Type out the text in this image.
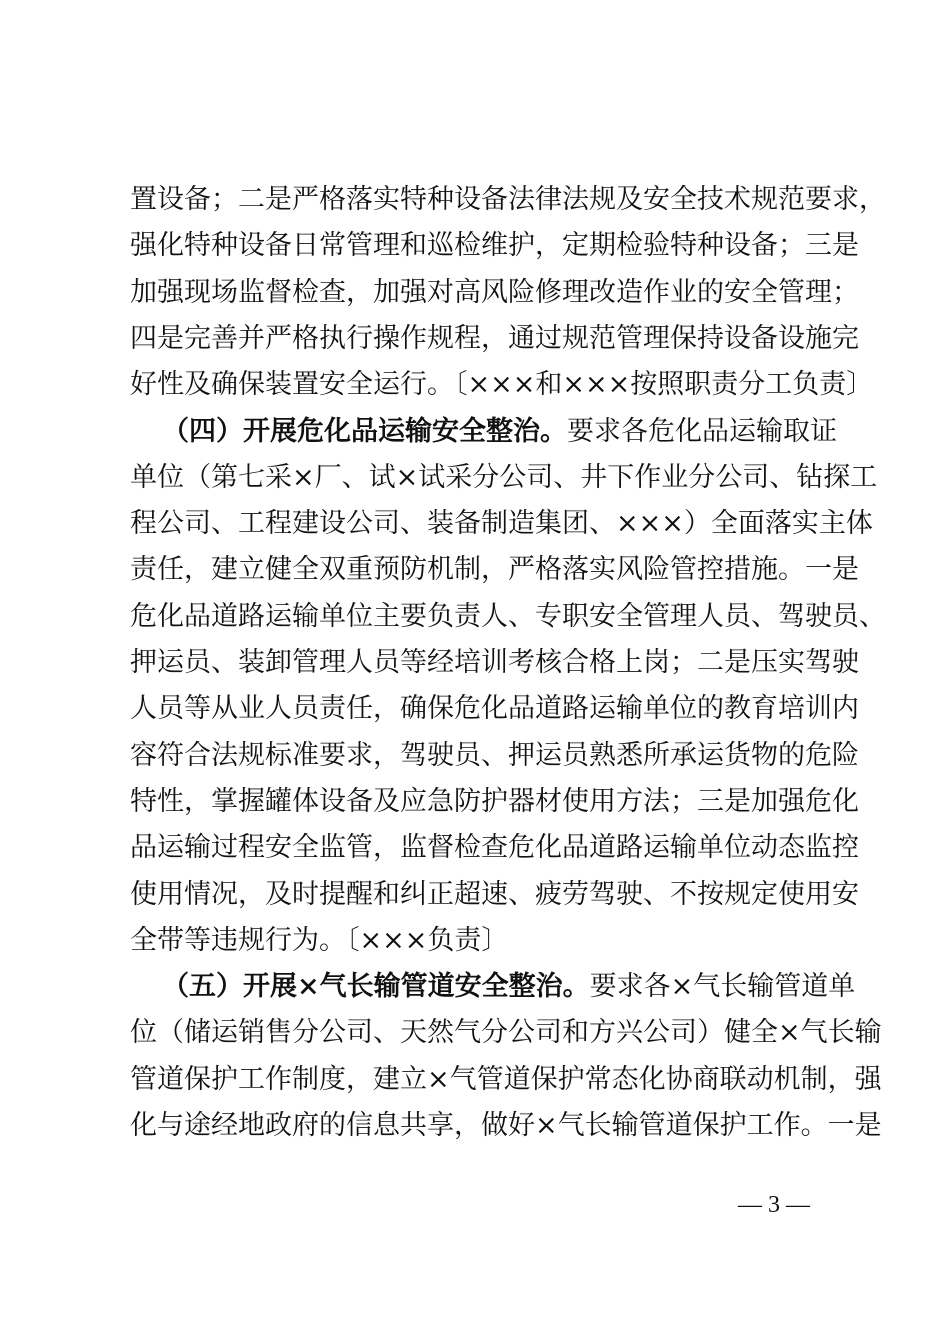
置设备；二是严格落实特种设备法律法规及安全技术规范要求，
强化特种设备日常管理和巡检维护，定期检验特种设备；三是
加强现场监督检查，加强对高风险修理改造作业的安全管理；
四是完善并严格执行操作规程，通过规范管理保持设备设施完
好性及确保装置安全运行。〔×××和×××按照职责分工负责〕
（四）开展危化品运输安全整治。要求各危化品运输取证
单位（第七采×厂、试×试采分公司、井下作业分公司、钻探工
程公司、工程建设公司、装备制造集团、×××）全面落实主体
责任，建立健全双重预防机制，严格落实风险管控措施。一是
危化品道路运输单位主要负责人、专职安全管理人员、驾驶员、
押运员、装卸管理人员等经培训考核合格上岗；二是压实驾驶
人员等从业人员责任，确保危化品道路运输单位的教育培训内
容符合法规标准要求，驾驶员、押运员熟悉所承运货物的危险
特性，掌握罐体设备及应急防护器材使用方法；三是加强危化
品运输过程安全监管，监督检查危化品道路运输单位动态监控
使用情况，及时提醒和纠正超速、疲劳驾驶、不按规定使用安
全带等违规行为。〔×××负责〕
（五）开展×气长输管道安全整治。要求各×气长输管道单
位（储运销售分公司、天然气分公司和方兴公司）健全×气长输
管道保护工作制度，建立×气管道保护常态化协商联动机制，强
化与途经地政府的信息共享，做好×气长输管道保护工作。一是
— 3 —
